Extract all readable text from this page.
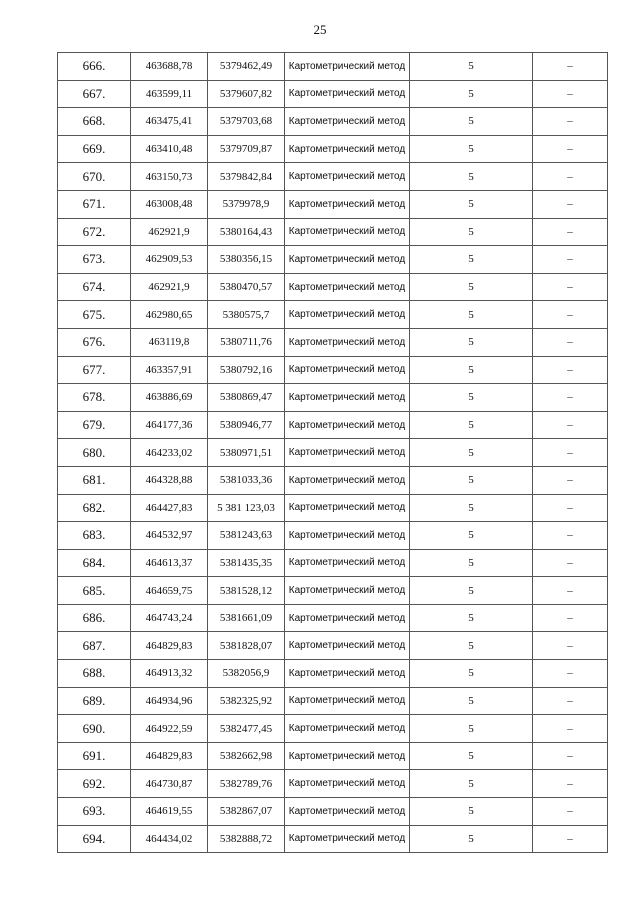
25
666.	463688,78	5379462,49	Картометрический метод	5	–
667.	463599,11	5379607,82	Картометрический метод	5	–
668.	463475,41	5379703,68	Картометрический метод	5	–
669.	463410,48	5379709,87	Картометрический метод	5	–
670.	463150,73	5379842,84	Картометрический метод	5	–
671.	463008,48	5379978,9	Картометрический метод	5	–
672.	462921,9	5380164,43	Картометрический метод	5	–
673.	462909,53	5380356,15	Картометрический метод	5	–
674.	462921,9	5380470,57	Картометрический метод	5	–
675.	462980,65	5380575,7	Картометрический метод	5	–
676.	463119,8	5380711,76	Картометрический метод	5	–
677.	463357,91	5380792,16	Картометрический метод	5	–
678.	463886,69	5380869,47	Картометрический метод	5	–
679.	464177,36	5380946,77	Картометрический метод	5	–
680.	464233,02	5380971,51	Картометрический метод	5	–
681.	464328,88	5381033,36	Картометрический метод	5	–
682.	464427,83	5 381 123,03	Картометрический метод	5	–
683.	464532,97	5381243,63	Картометрический метод	5	–
684.	464613,37	5381435,35	Картометрический метод	5	–
685.	464659,75	5381528,12	Картометрический метод	5	–
686.	464743,24	5381661,09	Картометрический метод	5	–
687.	464829,83	5381828,07	Картометрический метод	5	–
688.	464913,32	5382056,9	Картометрический метод	5	–
689.	464934,96	5382325,92	Картометрический метод	5	–
690.	464922,59	5382477,45	Картометрический метод	5	–
691.	464829,83	5382662,98	Картометрический метод	5	–
692.	464730,87	5382789,76	Картометрический метод	5	–
693.	464619,55	5382867,07	Картометрический метод	5	–
694.	464434,02	5382888,72	Картометрический метод	5	–
